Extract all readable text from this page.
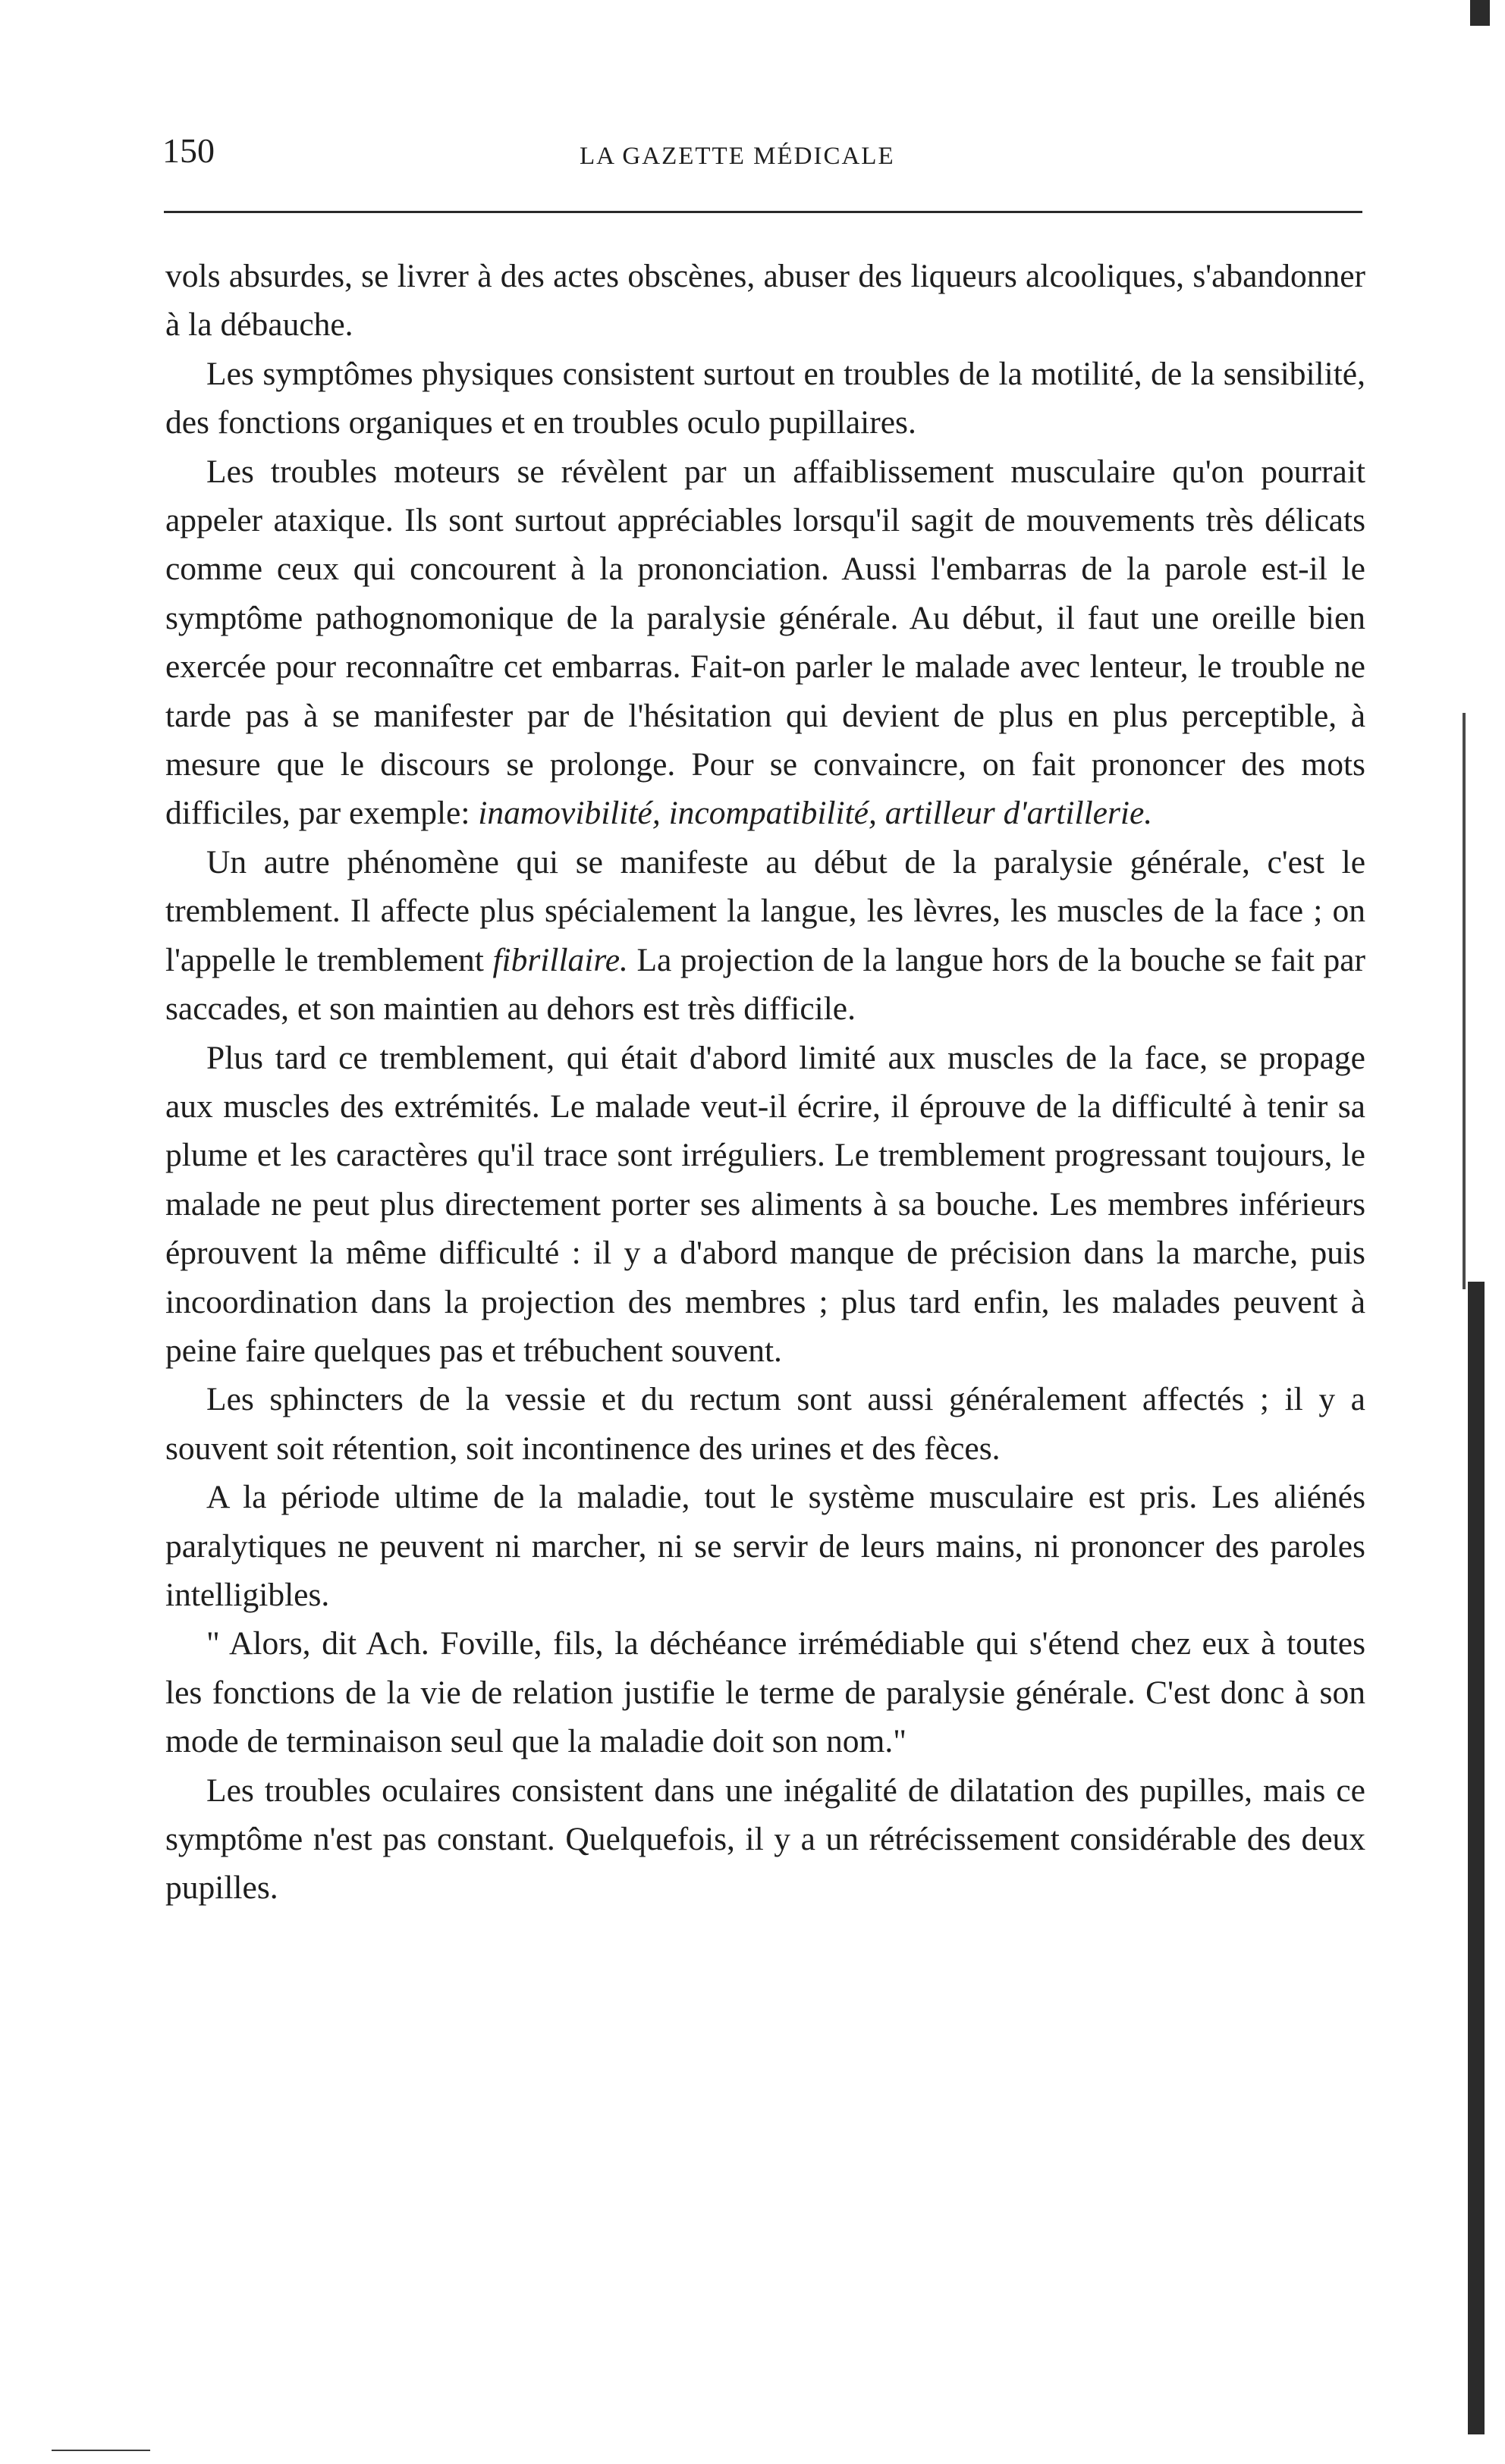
150	LA GAZETTE MÉDICALE

vols absurdes, se livrer à des actes obscènes, abuser des liqueurs alcooliques, s'abandonner à la débauche.

Les symptômes physiques consistent surtout en troubles de la motilité, de la sensibilité, des fonctions organiques et en troubles oculo pupillaires.

Les troubles moteurs se révèlent par un affaiblissement musculaire qu'on pourrait appeler ataxique. Ils sont surtout appréciables lorsqu'il sagit de mouvements très délicats comme ceux qui concourent à la prononciation. Aussi l'embarras de la parole est-il le symptôme pathognomonique de la paralysie générale. Au début, il faut une oreille bien exercée pour reconnaître cet embarras. Fait-on parler le malade avec lenteur, le trouble ne tarde pas à se manifester par de l'hésitation qui devient de plus en plus perceptible, à mesure que le discours se prolonge. Pour se convaincre, on fait prononcer des mots difficiles, par exemple: inamovibilité, incompatibilité, artilleur d'artillerie.

Un autre phénomène qui se manifeste au début de la paralysie générale, c'est le tremblement. Il affecte plus spécialement la langue, les lèvres, les muscles de la face ; on l'appelle le tremblement fibrillaire. La projection de la langue hors de la bouche se fait par saccades, et son maintien au dehors est très difficile.

Plus tard ce tremblement, qui était d'abord limité aux muscles de la face, se propage aux muscles des extrémités. Le malade veut-il écrire, il éprouve de la difficulté à tenir sa plume et les caractères qu'il trace sont irréguliers. Le tremblement progressant toujours, le malade ne peut plus directement porter ses aliments à sa bouche. Les membres inférieurs éprouvent la même difficulté : il y a d'abord manque de précision dans la marche, puis incoordination dans la projection des membres ; plus tard enfin, les malades peuvent à peine faire quelques pas et trébuchent souvent.

Les sphincters de la vessie et du rectum sont aussi généralement affectés ; il y a souvent soit rétention, soit incontinence des urines et des fèces.

A la période ultime de la maladie, tout le système musculaire est pris. Les aliénés paralytiques ne peuvent ni marcher, ni se servir de leurs mains, ni prononcer des paroles intelligibles.

" Alors, dit Ach. Foville, fils, la déchéance irrémédiable qui s'étend chez eux à toutes les fonctions de la vie de relation justifie le terme de paralysie générale. C'est donc à son mode de terminaison seul que la maladie doit son nom."

Les troubles oculaires consistent dans une inégalité de dilatation des pupilles, mais ce symptôme n'est pas constant. Quelquefois, il y a un rétrécissement considérable des deux pupilles.
